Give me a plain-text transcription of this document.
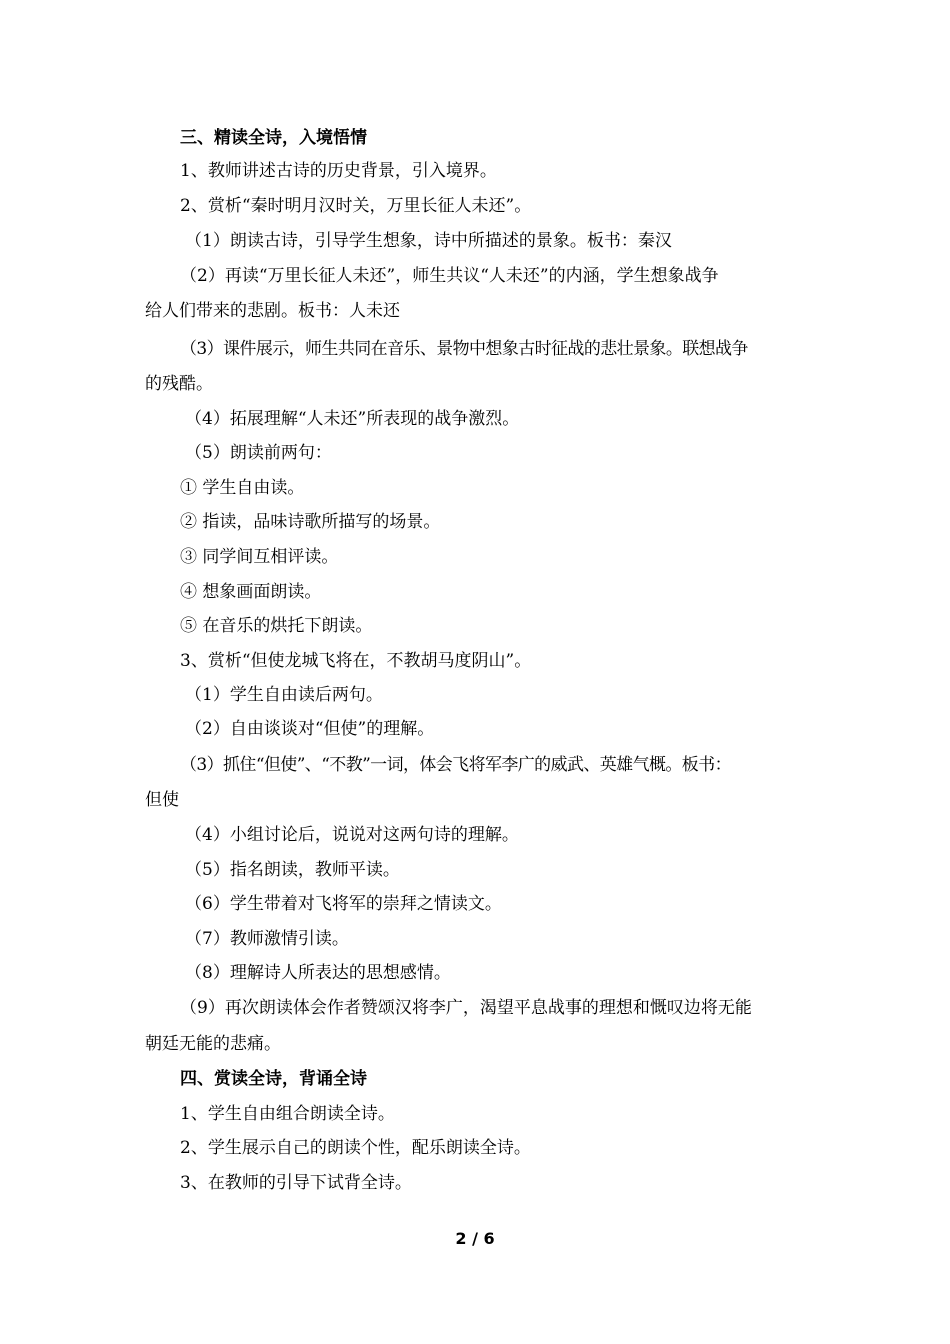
三、精读全诗，入境悟情
1、教师讲述古诗的历史背景，引入境界。
2、赏析“秦时明月汉时关，万里长征人未还”。
（1）朗读古诗，引导学生想象，诗中所描述的景象。板书：秦汉
（2）再读“万里长征人未还”，师生共议“人未还”的内涵，学生想象战争
给人们带来的悲剧。板书：人未还
（3）课件展示，师生共同在音乐、景物中想象古时征战的悲壮景象。联想战争
的残酷。
（4）拓展理解“人未还”所表现的战争激烈。
（5）朗读前两句：
① 学生自由读。
② 指读，品味诗歌所描写的场景。
③ 同学间互相评读。
④ 想象画面朗读。
⑤ 在音乐的烘托下朗读。
3、赏析“但使龙城飞将在，不教胡马度阴山”。
（1）学生自由读后两句。
（2）自由谈谈对“但使”的理解。
（3）抓住“但使”、“不教”一词，体会飞将军李广的威武、英雄气概。板书：
但使
（4）小组讨论后，说说对这两句诗的理解。
（5）指名朗读，教师平读。
（6）学生带着对飞将军的崇拜之情读文。
（7）教师激情引读。
（8）理解诗人所表达的思想感情。
（9）再次朗读体会作者赞颂汉将李广，渴望平息战事的理想和慨叹边将无能
朝廷无能的悲痛。
四、赏读全诗，背诵全诗
1、学生自由组合朗读全诗。
2、学生展示自己的朗读个性，配乐朗读全诗。
3、在教师的引导下试背全诗。
2 / 6
